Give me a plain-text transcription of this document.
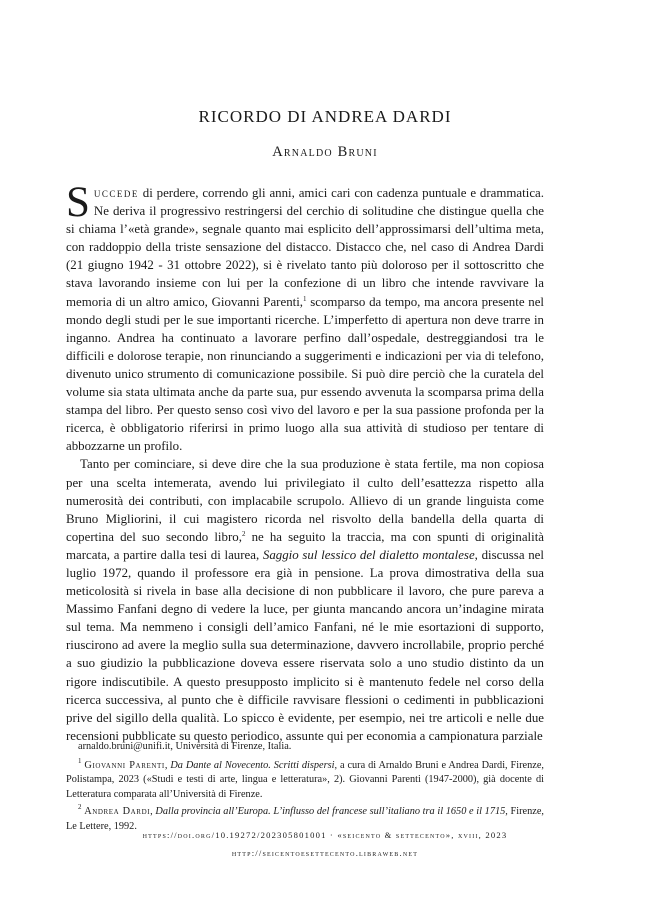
RICORDO DI ANDREA DARDI
Arnaldo Bruni

Succede di perdere, correndo gli anni, amici cari con cadenza puntuale e drammatica. Ne deriva il progressivo restringersi del cerchio di solitudine che distingue quella che si chiama l’«età grande», segnale quanto mai esplicito dell’approssimarsi dell’ultima meta, con raddoppio della triste sensazione del distacco. Distacco che, nel caso di Andrea Dardi (21 giugno 1942 - 31 ottobre 2022), si è rivelato tanto più doloroso per il sottoscritto che stava lavorando insieme con lui per la confezione di un libro che intende ravvivare la memoria di un altro amico, Giovanni Parenti,$^1$ scomparso da tempo, ma ancora presente nel mondo degli studi per le sue importanti ricerche. L’imperfetto di apertura non deve trarre in inganno. Andrea ha continuato a lavorare perfino dall’ospedale, destreggiandosi tra le difficili e dolorose terapie, non rinunciando a suggerimenti e indicazioni per via di telefono, divenuto unico strumento di comunicazione possibile. Si può dire perciò che la curatela del volume sia stata ultimata anche da parte sua, pur essendo avvenuta la scomparsa prima della stampa del libro. Per questo senso così vivo del lavoro e per la sua passione profonda per la ricerca, è obbligatorio riferirsi in primo luogo alla sua attività di studioso per tentare di abbozzarne un profilo.

Tanto per cominciare, si deve dire che la sua produzione è stata fertile, ma non copiosa per una scelta intemerata, avendo lui privilegiato il culto dell’esattezza rispetto alla numerosità dei contributi, con implacabile scrupolo. Allievo di un grande linguista come Bruno Migliorini, il cui magistero ricorda nel risvolto della bandella della quarta di copertina del suo secondo libro,$^2$ ne ha seguito la traccia, ma con spunti di originalità marcata, a partire dalla tesi di laurea, Saggio sul lessico del dialetto montalese, discussa nel luglio 1972, quando il professore era già in pensione. La prova dimostrativa della sua meticolosità si rivela in base alla decisione di non pubblicare il lavoro, che pure pareva a Massimo Fanfani degno di vedere la luce, per giunta mancando ancora un’indagine mirata sul tema. Ma nemmeno i consigli dell’amico Fanfani, né le mie esortazioni di supporto, riuscirono ad avere la meglio sulla sua determinazione, davvero incrollabile, proprio perché a suo giudizio la pubblicazione doveva essere riservata solo a uno studio distinto da un rigore indiscutibile. A questo presupposto implicito si è mantenuto fedele nel corso della ricerca successiva, al punto che è difficile ravvisare flessioni o cedimenti in pubblicazioni prive del sigillo della qualità. Lo spicco è evidente, per esempio, nei tre articoli e nelle due recensioni pubblicate su questo periodico, assunte qui per economia a campionatura parziale

arnaldo.bruni@unifi.it, Università di Firenze, Italia.

$^1$ Giovanni Parenti, Da Dante al Novecento. Scritti dispersi, a cura di Arnaldo Bruni e Andrea Dardi, Firenze, Polistampa, 2023 («Studi e testi di arte, lingua e letteratura», 2). Giovanni Parenti (1947-2000), già docente di Letteratura comparata all’Università di Firenze.

$^2$ Andrea Dardi, Dalla provincia all’Europa. L’influsso del francese sull’italiano tra il 1650 e il 1715, Firenze, Le Lettere, 1992.

https://doi.org/10.19272/202305801001 · «seicento & settecento», xviii, 2023
http://seicentoesettecento.libraweb.net
